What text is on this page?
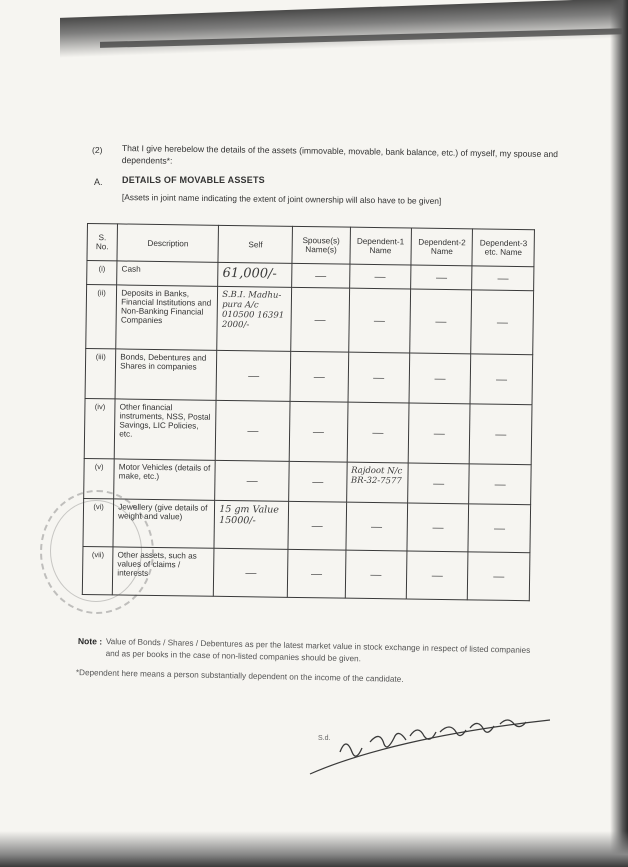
(2) That I give herebelow the details of the assets (immovable, movable, bank balance, etc.) of myself, my spouse and dependents*:
A. DETAILS OF MOVABLE ASSETS
[Assets in joint name indicating the extent of joint ownership will also have to be given]
S. No.	Description	Self	Spouse(s) Name(s)	Dependent-1 Name	Dependent-2 Name	Dependent-3 etc. Name
(i)	Cash	61,000/-	—	—	—	—
(ii)	Deposits in Banks, Financial Institutions and Non-Banking Financial Companies	S.B.I. Madhu-pura A/c 010500 16391 2000/-	—	—	—	—
(iii)	Bonds, Debentures and Shares in companies	—	—	—	—	—
(iv)	Other financial instruments, NSS, Postal Savings, LIC Policies, etc.	—	—	—	—	—
(v)	Motor Vehicles (details of make, etc.)	—	—	Rajdoot N/c BR-32-7577	—	—
(vi)	Jewellery (give details of weight and value)	15 gm Value 15000/-	—	—	—	—
(vii)	Other assets, such as values of claims / interests	—	—	—	—	—
Note : Value of Bonds / Shares / Debentures as per the latest market value in stock exchange in respect of listed companies and as per books in the case of non-listed companies should be given.
*Dependent here means a person substantially dependent on the income of the candidate.
S.d.
